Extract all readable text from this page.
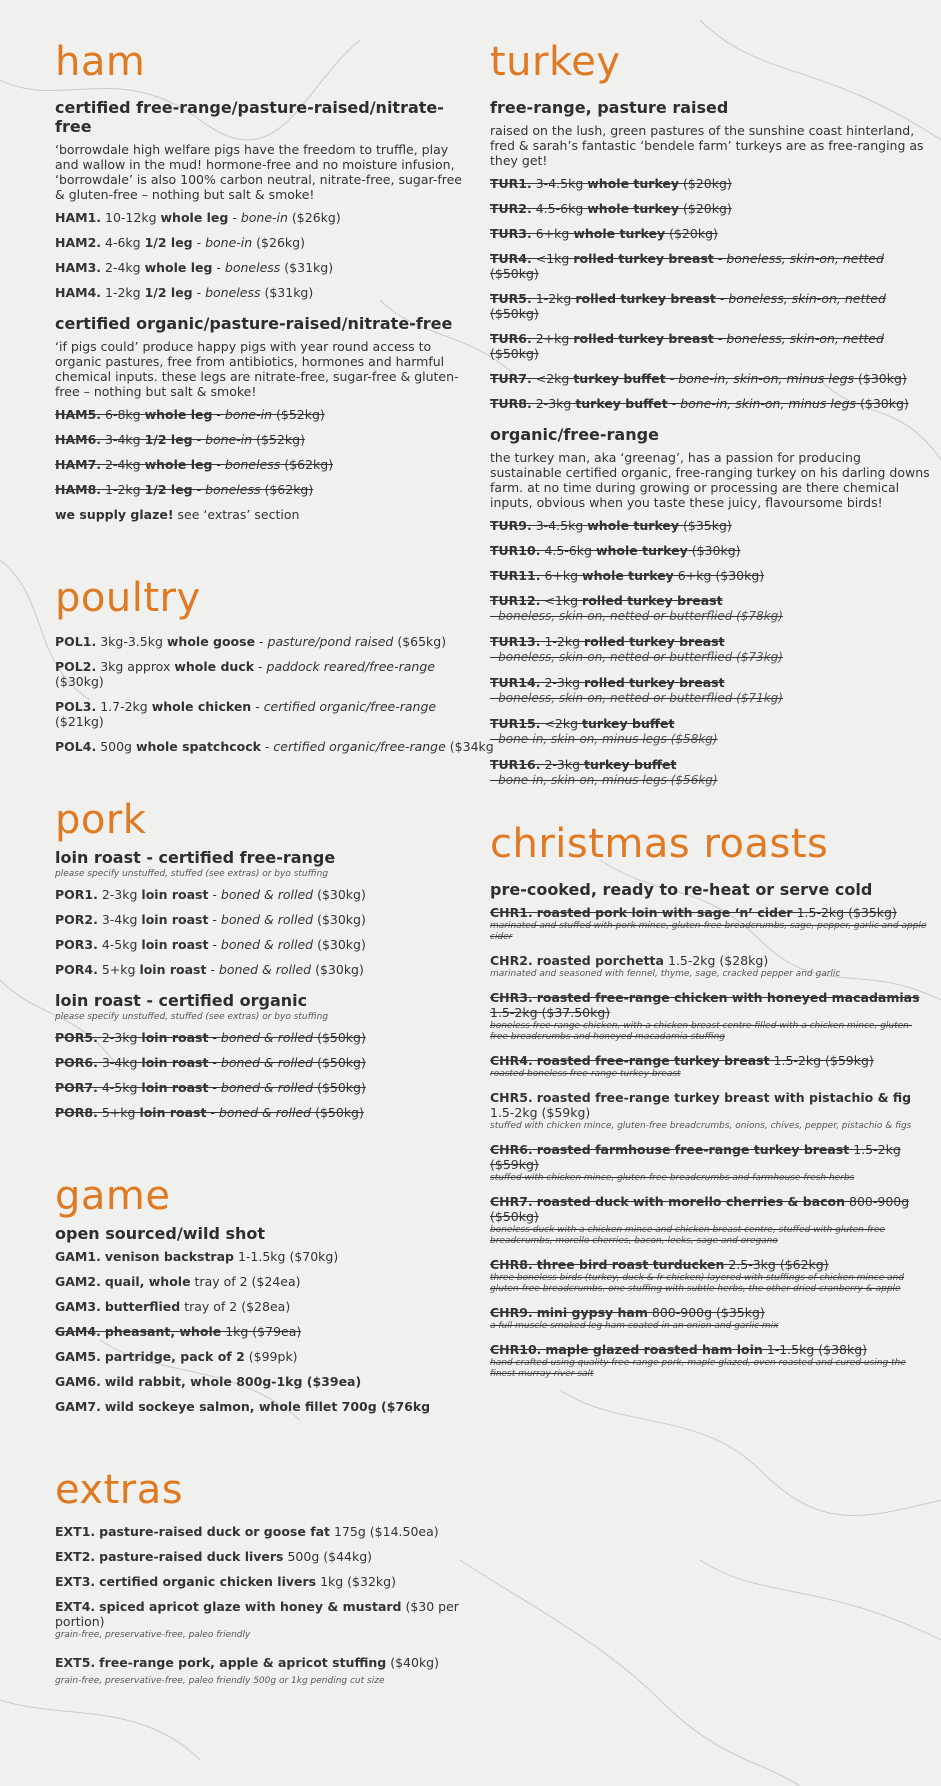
ham
certified free-range/pasture-raised/nitrate-free

‘borrowdale high welfare pigs have the freedom to truffle, play and wallow in the mud! hormone-free and no moisture infusion, ‘borrowdale’ is also 100% carbon neutral, nitrate-free, sugar-free & gluten-free – nothing but salt & smoke!

HAM1. 10-12kg whole leg - bone-in ($26kg)
HAM2. 4-6kg 1/2 leg - bone-in ($26kg)
HAM3. 2-4kg whole leg - boneless ($31kg)
HAM4. 1-2kg 1/2 leg - boneless ($31kg)
certified organic/pasture-raised/nitrate-free

‘if pigs could’ produce happy pigs with year round access to organic pastures, free from antibiotics, hormones and harmful chemical inputs. these legs are nitrate-free, sugar-free & gluten-free – nothing but salt & smoke!

HAM5. 6-8kg whole leg - bone-in ($52kg)
HAM6. 3-4kg 1/2 leg - bone-in ($52kg)
HAM7. 2-4kg whole leg - boneless ($62kg)
HAM8. 1-2kg 1/2 leg - boneless ($62kg)
we supply glaze! see ‘extras’ section
poultry
POL1. 3kg-3.5kg whole goose - pasture/pond raised ($65kg)
POL2. 3kg approx whole duck - paddock reared/free-range ($30kg)
POL3. 1.7-2kg whole chicken - certified organic/free-range ($21kg)
POL4. 500g whole spatchcock - certified organic/free-range ($34kg
pork
loin roast - certified free-range
please specify unstuffed, stuffed (see extras) or byo stuffing
POR1. 2-3kg loin roast - boned & rolled ($30kg)
POR2. 3-4kg loin roast - boned & rolled ($30kg)
POR3. 4-5kg loin roast - boned & rolled ($30kg)
POR4. 5+kg loin roast - boned & rolled ($30kg)
loin roast - certified organic
please specify unstuffed, stuffed (see extras) or byo stuffing
POR5. 2-3kg loin roast - boned & rolled ($50kg)
POR6. 3-4kg loin roast - boned & rolled ($50kg)
POR7. 4-5kg loin roast - boned & rolled ($50kg)
POR8. 5+kg loin roast - boned & rolled ($50kg)
game
open sourced/wild shot
GAM1. venison backstrap 1-1.5kg ($70kg)
GAM2. quail, whole tray of 2 ($24ea)
GAM3. butterflied tray of 2 ($28ea)
GAM4. pheasant, whole 1kg ($79ea)
GAM5. partridge, pack of 2 ($99pk)
GAM6. wild rabbit, whole 800g-1kg ($39ea)
GAM7. wild sockeye salmon, whole fillet 700g ($76kg
extras
EXT1. pasture-raised duck or goose fat 175g ($14.50ea)
EXT2. pasture-raised duck livers 500g ($44kg)
EXT3. certified organic chicken livers 1kg ($32kg)
EXT4. spiced apricot glaze with honey & mustard ($30 per portion)
grain-free, preservative-free, paleo friendly
EXT5. free-range pork, apple & apricot stuffing ($40kg)
grain-free, preservative-free, paleo friendly 500g or 1kg pending cut size
turkey
free-range, pasture raised

raised on the lush, green pastures of the sunshine coast hinterland, fred & sarah’s fantastic ‘bendele farm’ turkeys are as free-ranging as they get!

TUR1. 3-4.5kg whole turkey ($20kg)
TUR2. 4.5-6kg whole turkey ($20kg)
TUR3. 6+kg whole turkey ($20kg)
TUR4. <1kg rolled turkey breast - boneless, skin-on, netted ($50kg)
TUR5. 1-2kg rolled turkey breast - boneless, skin-on, netted ($50kg)
TUR6. 2+kg rolled turkey breast - boneless, skin-on, netted ($50kg)
TUR7. <2kg turkey buffet - bone-in, skin-on, minus legs ($30kg)
TUR8. 2-3kg turkey buffet - bone-in, skin-on, minus legs ($30kg)
organic/free-range

the turkey man, aka ‘greenag’, has a passion for producing sustainable certified organic, free-ranging turkey on his darling downs farm. at no time during growing or processing are there chemical inputs, obvious when you taste these juicy, flavoursome birds!

TUR9. 3-4.5kg whole turkey ($35kg)
TUR10. 4.5-6kg whole turkey ($30kg)
TUR11. 6+kg whole turkey 6+kg ($30kg)
TUR12. <1kg rolled turkey breast
- boneless, skin-on, netted or butterflied ($78kg)
TUR13. 1-2kg rolled turkey breast
- boneless, skin-on, netted or butterflied ($73kg)
TUR14. 2-3kg rolled turkey breast
- boneless, skin-on, netted or butterflied ($71kg)
TUR15. <2kg turkey buffet
- bone-in, skin-on, minus legs ($58kg)
TUR16. 2-3kg turkey buffet
- bone-in, skin-on, minus legs ($56kg)
christmas roasts
pre-cooked, ready to re-heat or serve cold
CHR1. roasted pork loin with sage ‘n’ cider 1.5-2kg ($35kg)
marinated and stuffed with pork mince, gluten-free breadcrumbs, sage, pepper, garlic and apple cider
CHR2. roasted porchetta 1.5-2kg ($28kg)
marinated and seasoned with fennel, thyme, sage, cracked pepper and garlic
CHR3. roasted free-range chicken with honeyed macadamias 1.5-2kg ($37.50kg)
boneless free-range chicken, with a chicken breast centre filled with a chicken mince, gluten-free breadcrumbs and honeyed macadamia stuffing
CHR4. roasted free-range turkey breast 1.5-2kg ($59kg)
roasted boneless free-range turkey breast
CHR5. roasted free-range turkey breast with pistachio & fig 1.5-2kg ($59kg)
stuffed with chicken mince, gluten-free breadcrumbs, onions, chives, pepper, pistachio & figs
CHR6. roasted farmhouse free-range turkey breast 1.5-2kg ($59kg)
stuffed with chicken mince, gluten-free breadcrumbs and farmhouse fresh herbs
CHR7. roasted duck with morello cherries & bacon 800-900g ($50kg)
boneless duck with a chicken mince and chicken breast centre, stuffed with gluten-free breadcrumbs, morello cherries, bacon, leeks, sage and oregano
CHR8. three bird roast turducken 2.5-3kg ($62kg)
three boneless birds (turkey, duck & fr chicken) layered with stuffings of chicken mince and gluten-free breadcrumbs. one stuffing with subtle herbs, the other dried cranberry & apple
CHR9. mini gypsy ham 800-900g ($35kg)
a full muscle smoked leg ham coated in an onion and garlic mix
CHR10. maple glazed roasted ham loin 1-1.5kg ($38kg)
hand crafted using quality free-range pork, maple glazed, oven roasted and cured using the finest murray river salt
